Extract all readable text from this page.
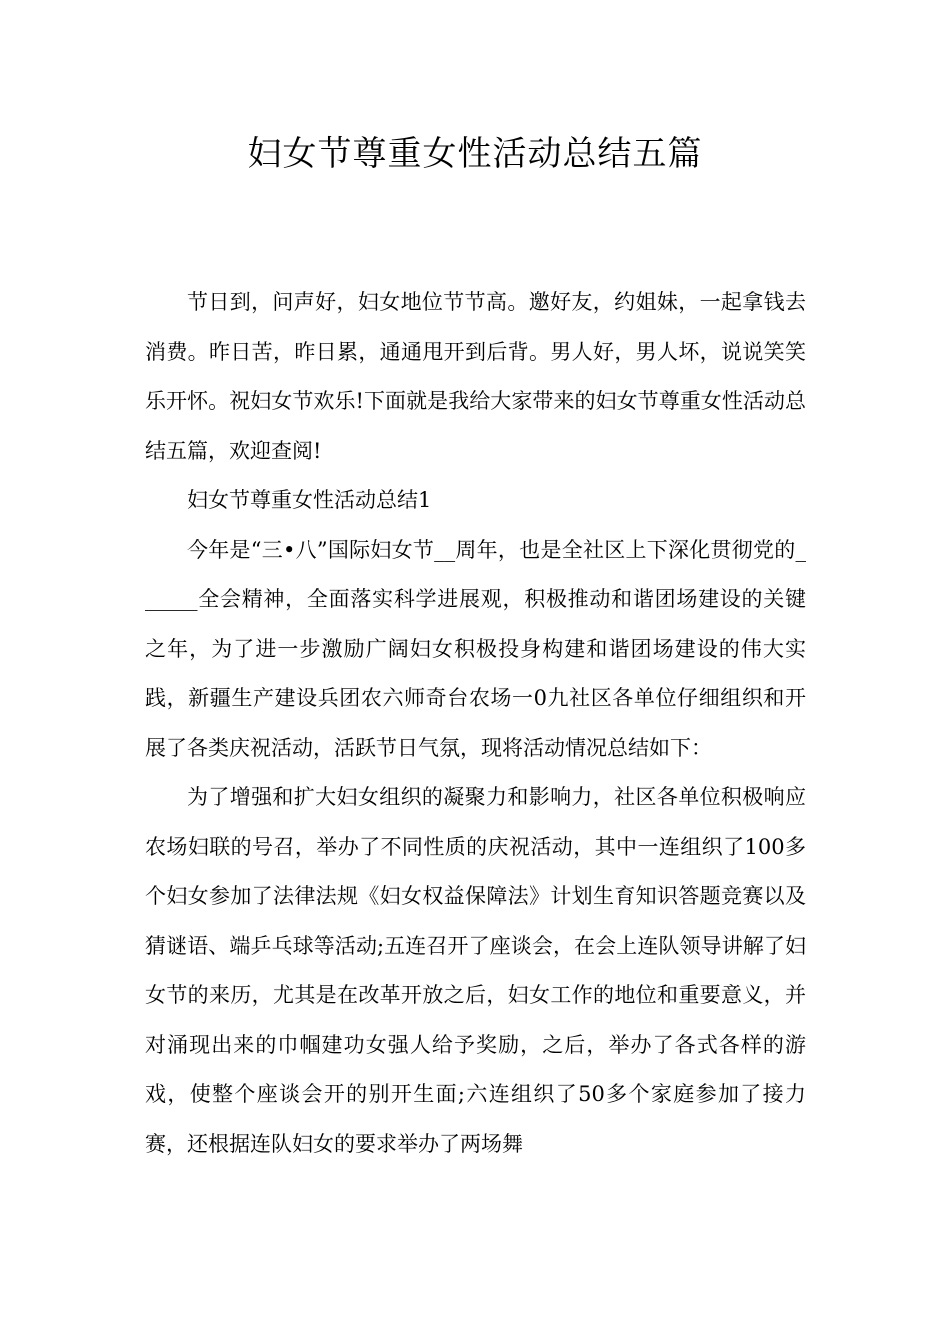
妇女节尊重女性活动总结五篇

节日到，问声好，妇女地位节节高。邀好友，约姐妹，一起拿钱去消费。昨日苦，昨日累，通通甩开到后背。男人好，男人坏，说说笑笑乐开怀。祝妇女节欢乐!下面就是我给大家带来的妇女节尊重女性活动总结五篇，欢迎查阅!

妇女节尊重女性活动总结1

今年是“三•八”国际妇女节__周年，也是全社区上下深化贯彻党的______全会精神，全面落实科学进展观，积极推动和谐团场建设的关键之年，为了进一步激励广阔妇女积极投身构建和谐团场建设的伟大实践，新疆生产建设兵团农六师奇台农场一0九社区各单位仔细组织和开展了各类庆祝活动，活跃节日气氛，现将活动情况总结如下：

为了增强和扩大妇女组织的凝聚力和影响力，社区各单位积极响应农场妇联的号召，举办了不同性质的庆祝活动，其中一连组织了100多个妇女参加了法律法规《妇女权益保障法》计划生育知识答题竞赛以及猜谜语、端乒乓球等活动;五连召开了座谈会，在会上连队领导讲解了妇女节的来历，尤其是在改革开放之后，妇女工作的地位和重要意义，并对涌现出来的巾帼建功女强人给予奖励，之后，举办了各式各样的游戏，使整个座谈会开的别开生面;六连组织了50多个家庭参加了接力赛，还根据连队妇女的要求举办了两场舞
